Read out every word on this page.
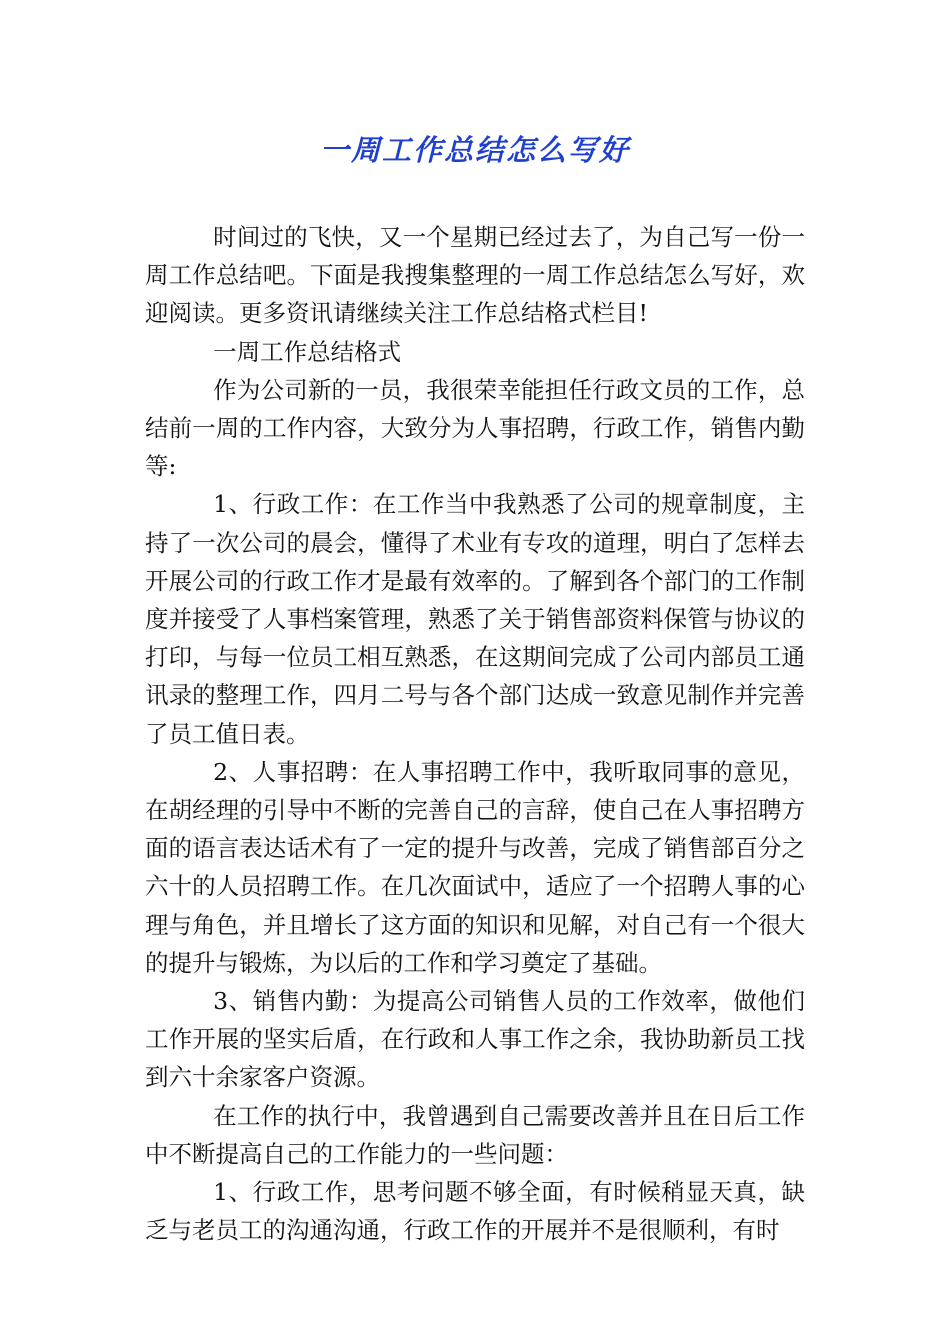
一周工作总结怎么写好

时间过的飞快，又一个星期已经过去了，为自己写一份一周工作总结吧。下面是我搜集整理的一周工作总结怎么写好，欢迎阅读。更多资讯请继续关注工作总结格式栏目!

一周工作总结格式

作为公司新的一员，我很荣幸能担任行政文员的工作，总结前一周的工作内容，大致分为人事招聘，行政工作，销售内勤等:

1、行政工作：在工作当中我熟悉了公司的规章制度，主持了一次公司的晨会，懂得了术业有专攻的道理，明白了怎样去开展公司的行政工作才是最有效率的。了解到各个部门的工作制度并接受了人事档案管理，熟悉了关于销售部资料保管与协议的打印，与每一位员工相互熟悉，在这期间完成了公司内部员工通讯录的整理工作，四月二号与各个部门达成一致意见制作并完善了员工值日表。

2、人事招聘：在人事招聘工作中，我听取同事的意见，在胡经理的引导中不断的完善自己的言辞，使自己在人事招聘方面的语言表达话术有了一定的提升与改善，完成了销售部百分之六十的人员招聘工作。在几次面试中，适应了一个招聘人事的心理与角色，并且增长了这方面的知识和见解，对自己有一个很大的提升与锻炼，为以后的工作和学习奠定了基础。

3、销售内勤：为提高公司销售人员的工作效率，做他们工作开展的坚实后盾，在行政和人事工作之余，我协助新员工找到六十余家客户资源。

在工作的执行中，我曾遇到自己需要改善并且在日后工作中不断提高自己的工作能力的一些问题：

1、行政工作，思考问题不够全面，有时候稍显天真，缺乏与老员工的沟通沟通，行政工作的开展并不是很顺利，有时
